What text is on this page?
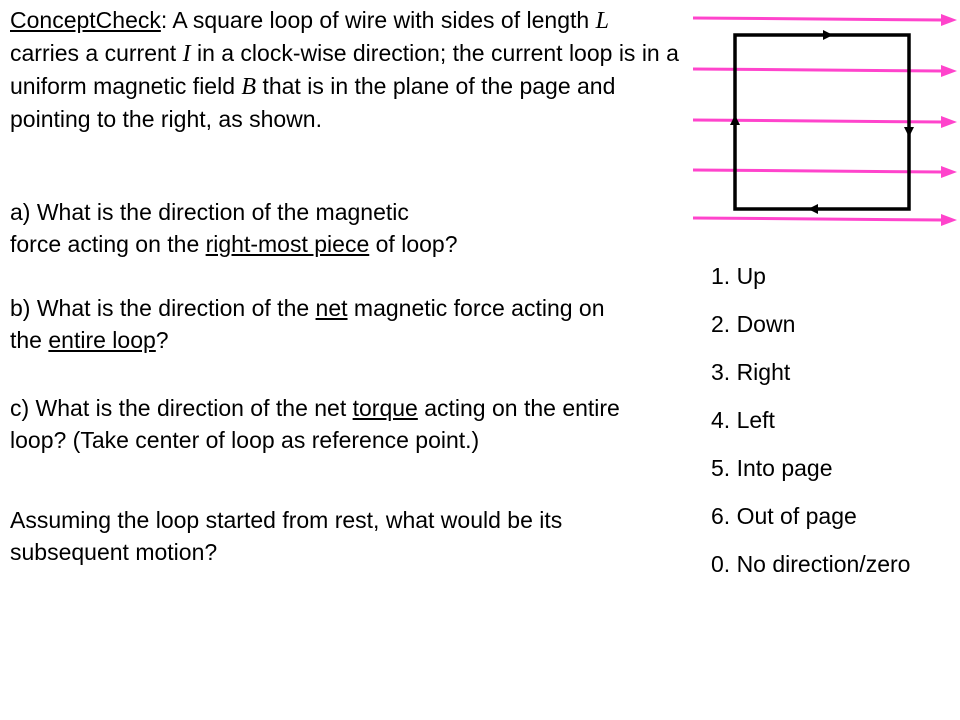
ConceptCheck: A square loop of wire with sides of length L carries a current I in a clock-wise direction; the current loop is in a uniform magnetic field B that is in the plane of the page and pointing to the right, as shown.

a) What is the direction of the magnetic
force acting on the right-most piece of loop?

b) What is the direction of the net magnetic force acting on the entire loop?

c) What is the direction of the net torque acting on the entire loop? (Take center of loop as reference point.)

Assuming the loop started from rest, what would be its subsequent motion?

1. Up

2. Down

3. Right

4. Left

5. Into page

6. Out of page

0. No direction/zero
